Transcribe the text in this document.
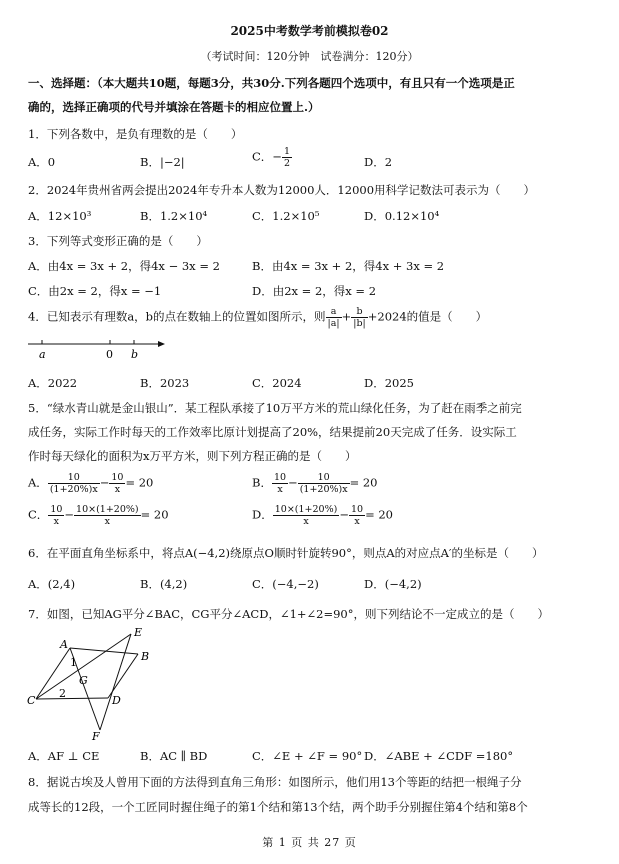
2025中考数学考前模拟卷02
（考试时间：120分钟　试卷满分：120分）
一、选择题：（本大题共10题，每题3分，共30分.下列各题四个选项中，有且只有一个选项是正
确的，选择正确项的代号并填涂在答题卡的相应位置上.）
1．下列各数中，是负有理数的是（　　）
A．0	B．|−2|	C．− $\frac{1}{2}$	D．2
2．2024年贵州省两会提出2024年专升本人数为12000人．12000用科学记数法可表示为（　　）
A．12×10³	B．1.2×10⁴	C．1.2×10⁵	D．0.12×10⁴
3．下列等式变形正确的是（　　）
A．由4x = 3x + 2，得4x − 3x = 2	B．由4x = 3x + 2，得4x + 3x = 2
C．由2x = 2，得x = −1	D．由2x = 2，得x = 2
4．已知表示有理数a，b的点在数轴上的位置如图所示，则 $\frac{a}{|a|} + \frac{b}{|b|} +2024$的值是（　　）
a	0 b
A．2022	B．2023	C．2024	D．2025
5．“绿水青山就是金山银山”．某工程队承接了10万平方米的荒山绿化任务，为了赶在雨季之前完
成任务，实际工作时每天的工作效率比原计划提高了20%，结果提前20天完成了任务．设实际工
作时每天绿化的面积为x万平方米，则下列方程正确的是（　　）
A． $\frac{10}{(1+20\%)x} - \frac{10}{x} = 20$	B． $\frac{10}{x} - \frac{10}{(1+20\%)x} = 20$
C． $\frac{10}{x} - \frac{10\times(1+20\%)}{x} = 20$	D． $\frac{10\times(1+20\%)}{x} - \frac{10}{x} = 20$
6．在平面直角坐标系中，将点A(−4,2)绕原点O顺时针旋转90°，则点A的对应点A′的坐标是（　　）
A．(2,4)	B．(4,2)	C．(−4,−2)	D．(−4,2)
7．如图，已知AG平分∠BAC，CG平分∠ACD，∠1+∠2=90°，则下列结论不一定成立的是（　　）
A
B
C	D
E
F
G
1
2
A．AF ⊥ CE	B．AC ∥ BD	C．∠E + ∠F = 90° D．∠ABE + ∠CDF =180°
8．据说古埃及人曾用下面的方法得到直角三角形：如图所示，他们用13个等距的结把一根绳子分
成等长的12段，一个工匠同时握住绳子的第1个结和第13个结，两个助手分别握住第4个结和第8个
第 1 页 共 27 页
